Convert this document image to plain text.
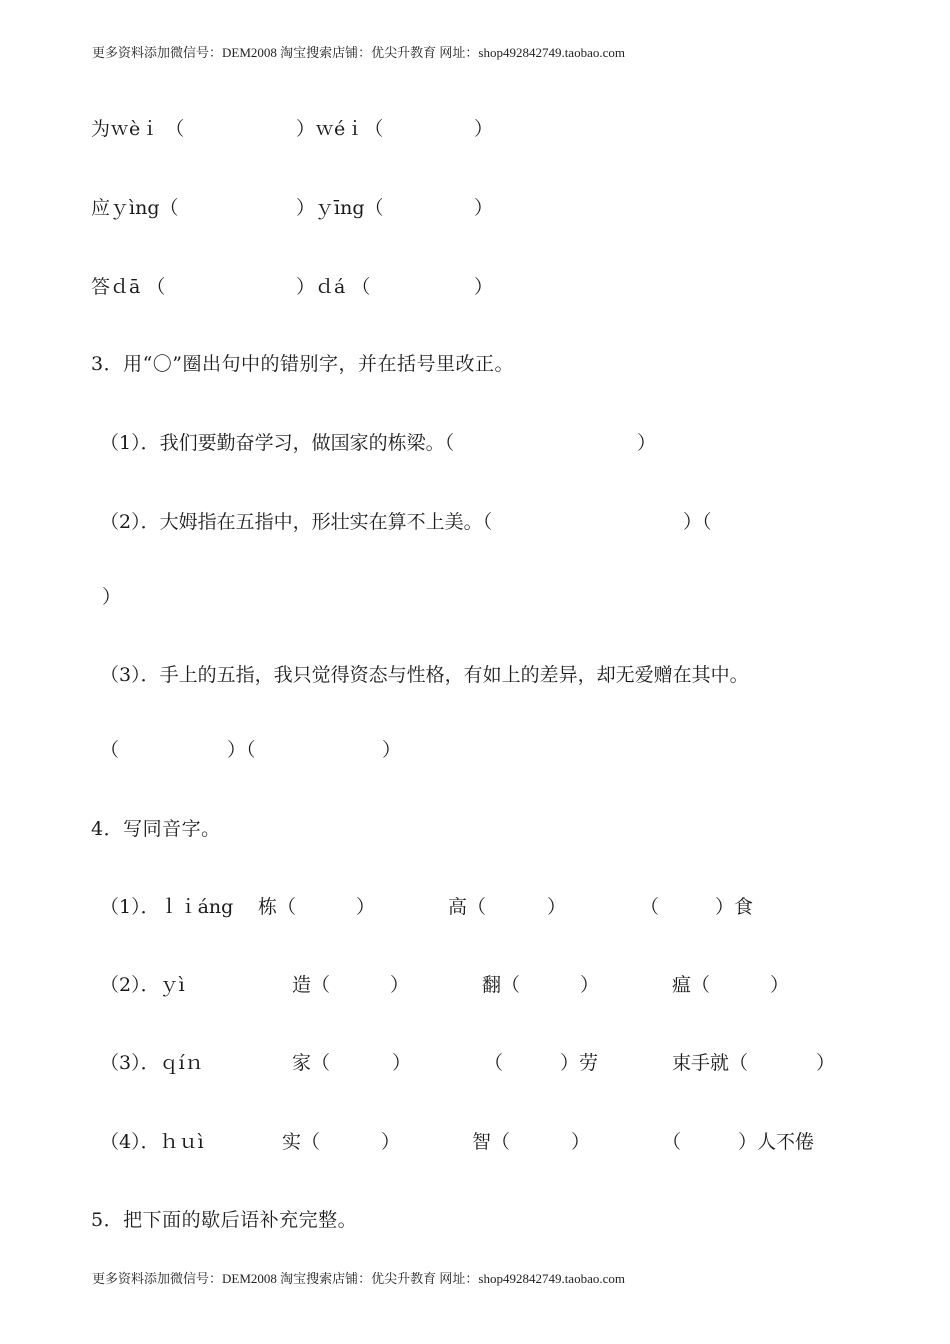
更多资料添加微信号：DEM2008 淘宝搜索店铺：优尖升教育 网址：shop492842749.taobao.com
为ｗèｉ （	）ｗéｉ（	）
应ｙìng（	）ｙīng（	）
答ｄā （	）ｄá （	）
3．用“〇”圈出句中的错别字，并在括号里改正。
（1）．我们要勤奋学习，做国家的栋梁。（	）
（2）．大姆指在五指中，形壮实在算不上美。（	）（
）
（3）．手上的五指，我只觉得资态与性格，有如上的差异，却无爱赠在其中。
（	）（	）
4．写同音字。
（1）．ｌｉáng 栋（	）	高（	）	（	）食
（2）．ｙì	造（	）	翻（	）	瘟（	）
（3）．ｑíｎ	家（	）	（	）劳	束手就（	）
（4）．ｈｕì	实（	）	智（	）	（	）人不倦
5．把下面的歇后语补充完整。
更多资料添加微信号：DEM2008 淘宝搜索店铺：优尖升教育 网址：shop492842749.taobao.com
